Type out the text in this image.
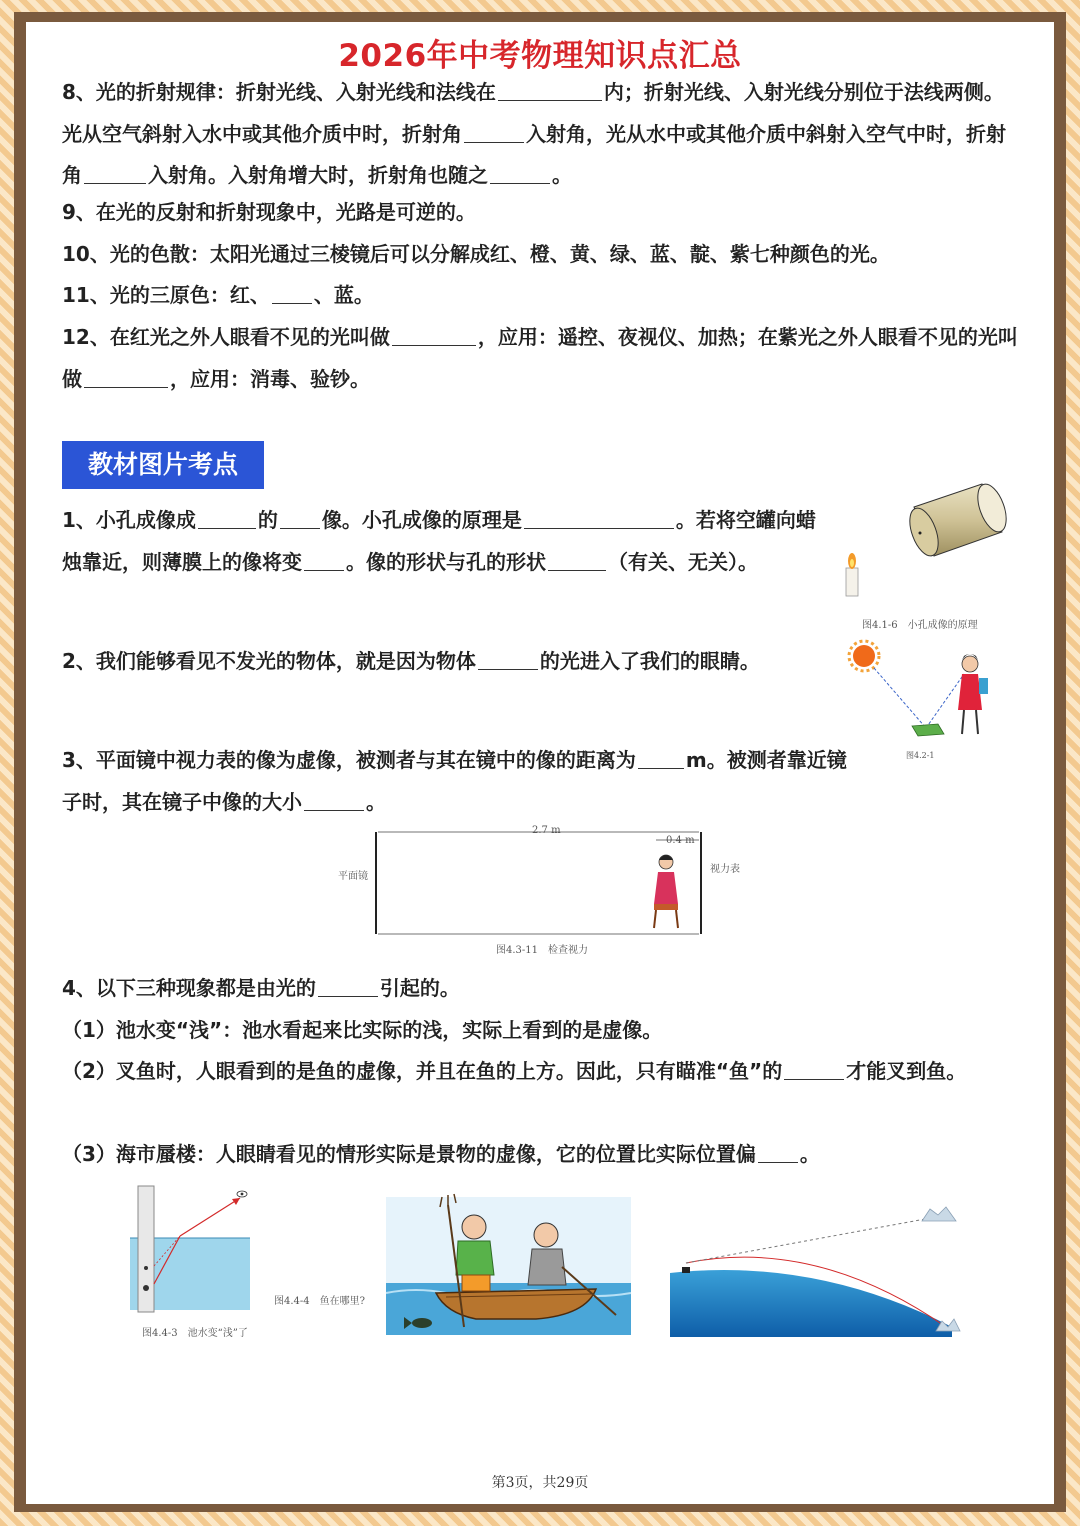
2026年中考物理知识点汇总
8、光的折射规律：折射光线、入射光线和法线在	内；折射光线、入射光线分别位于法线两侧。光从空气斜射入水中或其他介质中时，折射角	入射角，光从水中或其他介质中斜射入空气中时，折射角	入射角。入射角增大时，折射角也随之	。
9、在光的反射和折射现象中，光路是可逆的。
10、光的色散：太阳光通过三棱镜后可以分解成红、橙、黄、绿、蓝、靛、紫七种颜色的光。
11、光的三原色：红、 、蓝。
12、在红光之外人眼看不见的光叫做	，应用：遥控、夜视仪、加热；在紫光之外人眼看不见的光叫做	，应用：消毒、验钞。
教材图片考点
1、小孔成像成	的 像。小孔成像的原理是	。若将空罐向蜡烛靠近，则薄膜上的像将变 。像的形状与孔的形状	（有关、无关）。
图4.1-6　小孔成像的原理
2、我们能够看见不发光的物体，就是因为物体	的光进入了我们的眼睛。
图4.2-1
3、平面镜中视力表的像为虚像，被测者与其在镜中的像的距离为	m。被测者靠近镜子时，其在镜子中像的大小	。
2.7 m
0.4 m
平面镜
视力表
图4.3-11　检查视力
4、以下三种现象都是由光的	引起的。
（1）池水变“浅”：池水看起来比实际的浅，实际上看到的是虚像。
（2）叉鱼时，人眼看到的是鱼的虚像，并且在鱼的上方。因此，只有瞄准“鱼”的	才能叉到鱼。
（3）海市蜃楼：人眼睛看见的情形实际是景物的虚像，它的位置比实际位置偏 。
图4.4-3　池水变“浅”了
图4.4-4　鱼在哪里?
第3页，共29页
